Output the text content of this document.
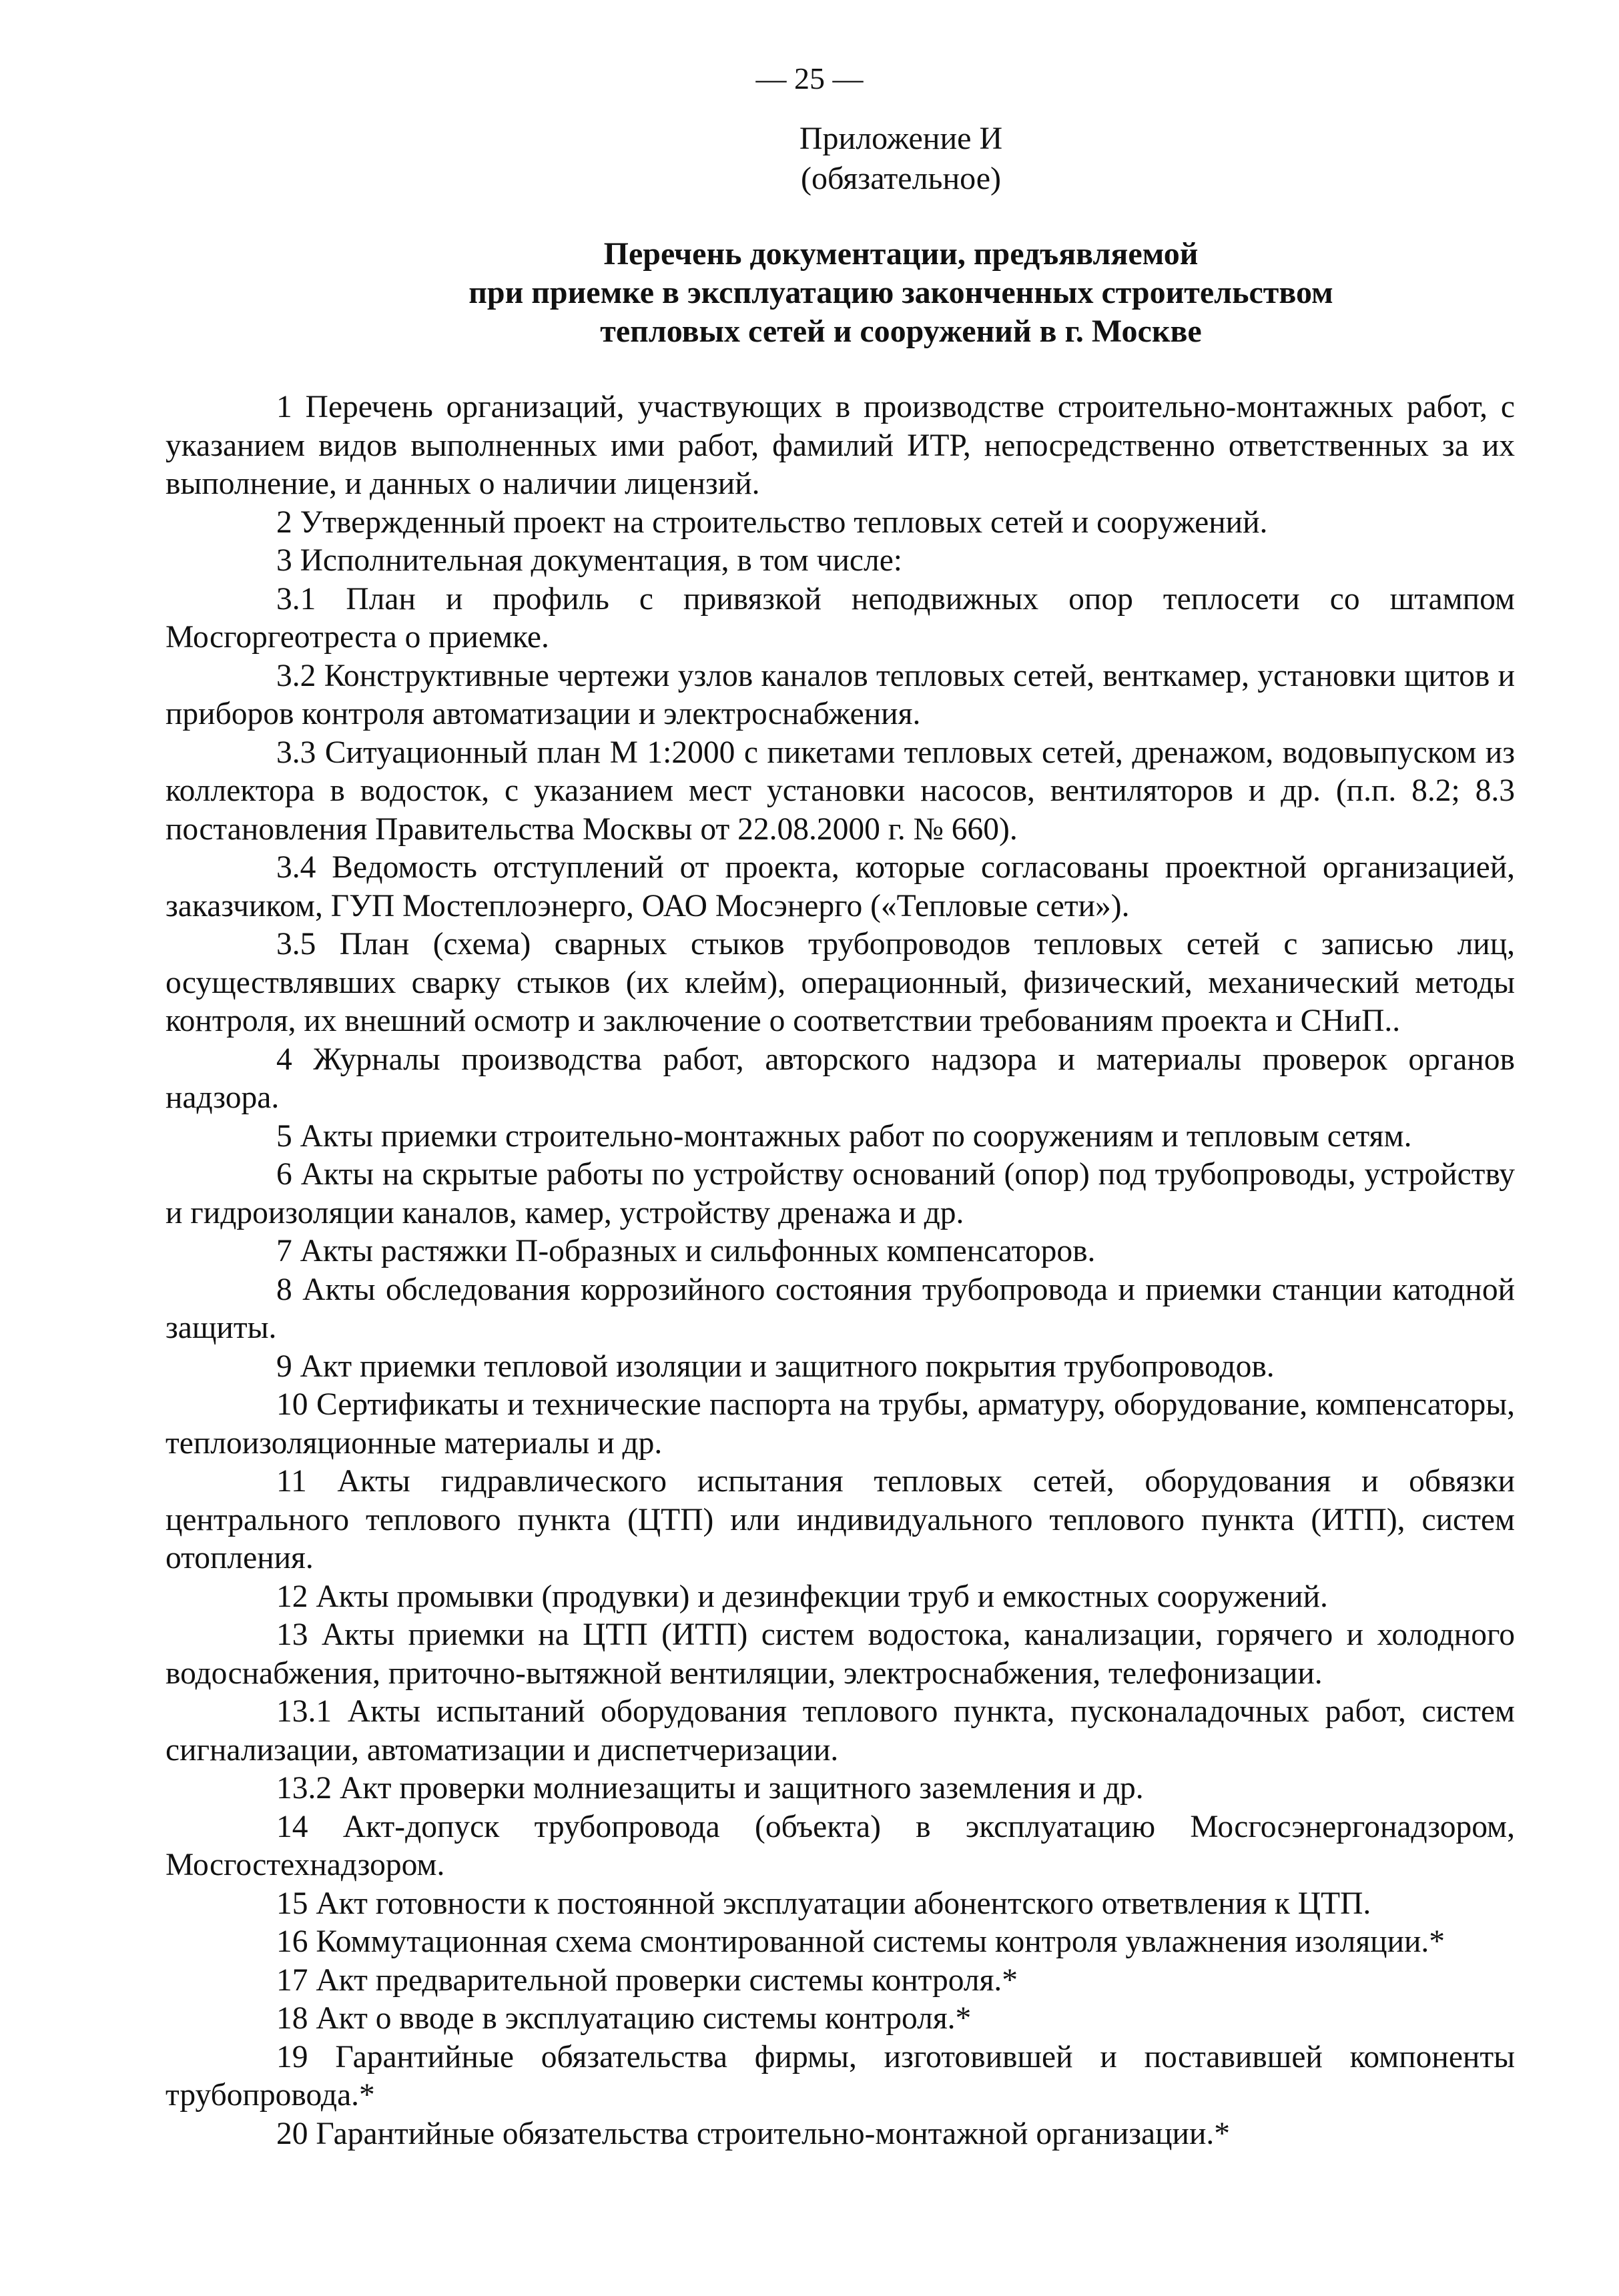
— 25 —
Приложение И
(обязательное)
Перечень документации, предъявляемой
при приемке в эксплуатацию законченных строительством
тепловых сетей и сооружений в г. Москве

1 Перечень организаций, участвующих в производстве строительно-монтажных работ, с указанием видов выполненных ими работ, фамилий ИТР, непосредственно ответственных за их выполнение, и данных о наличии лицензий.

2 Утвержденный проект на строительство тепловых сетей и сооружений.

3 Исполнительная документация, в том числе:

3.1 План и профиль с привязкой неподвижных опор теплосети со штампом Мосгоргеотреста о приемке.

3.2 Конструктивные чертежи узлов каналов тепловых сетей, венткамер, установки щитов и приборов контроля автоматизации и электроснабжения.

3.3 Ситуационный план М 1:2000 с пикетами тепловых сетей, дренажом, водовыпуском из коллектора в водосток, с указанием мест установки насосов, вентиляторов и др. (п.п. 8.2; 8.3 постановления Правительства Москвы от 22.08.2000 г. № 660).

3.4 Ведомость отступлений от проекта, которые согласованы проектной организацией, заказчиком, ГУП Мостеплоэнерго, ОАО Мосэнерго («Тепловые сети»).

3.5 План (схема) сварных стыков трубопроводов тепловых сетей с записью лиц, осуществлявших сварку стыков (их клейм), операционный, физический, механический методы контроля, их внешний осмотр и заключение о соответствии требованиям проекта и СНиП..

4 Журналы производства работ, авторского надзора и материалы проверок органов надзора.

5 Акты приемки строительно-монтажных работ по сооружениям и тепловым сетям.

6 Акты на скрытые работы по устройству оснований (опор) под трубопроводы, устройству и гидроизоляции каналов, камер, устройству дренажа и др.

7 Акты растяжки П-образных и сильфонных компенсаторов.

8 Акты обследования коррозийного состояния трубопровода и приемки станции катодной защиты.

9 Акт приемки тепловой изоляции и защитного покрытия трубопроводов.

10 Сертификаты и технические паспорта на трубы, арматуру, оборудование, компенсаторы, теплоизоляционные материалы и др.

11 Акты гидравлического испытания тепловых сетей, оборудования и обвязки центрального теплового пункта (ЦТП) или индивидуального теплового пункта (ИТП), систем отопления.

12 Акты промывки (продувки) и дезинфекции труб и емкостных сооружений.

13 Акты приемки на ЦТП (ИТП) систем водостока, канализации, горячего и холодного водоснабжения, приточно-вытяжной вентиляции, электроснабжения, телефонизации.

13.1 Акты испытаний оборудования теплового пункта, пусконаладочных работ, систем сигнализации, автоматизации и диспетчеризации.

13.2 Акт проверки молниезащиты и защитного заземления и др.

14 Акт-допуск трубопровода (объекта) в эксплуатацию Мосгосэнергонадзором, Мосгостехнадзором.

15 Акт готовности к постоянной эксплуатации абонентского ответвления к ЦТП.

16 Коммутационная схема смонтированной системы контроля увлажнения изоляции.*

17 Акт предварительной проверки системы контроля.*

18 Акт о вводе в эксплуатацию системы контроля.*

19 Гарантийные обязательства фирмы, изготовившей и поставившей компоненты трубопровода.*

20 Гарантийные обязательства строительно-монтажной организации.*
